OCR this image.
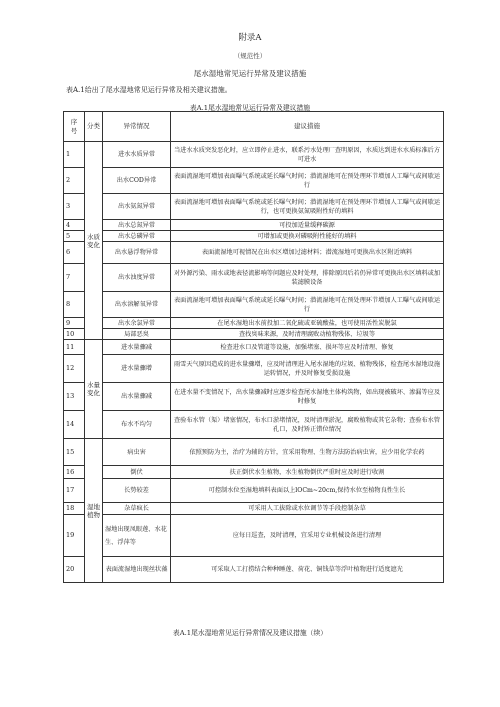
附录A
（规范性）
尾水湿地常见运行异常及建议措施
表A.1给出了尾水湿地常见运行异常及相关建议措施。
表A.1尾水湿地常见运行异常及建议措施
序
号	分类	异常情况	建议措施
1	水质变化	进水水质异常	当进水水质突发恶化时，应立即停止进水，联系污水处理厂查明原因，水质达到进水水质标准后方可进水
2		出水COD异常	表面流湿地可增加表面曝气系统或延长曝气时间；潜流湿地可在预处理环节增加人工曝气或间歇运行
3		出水氨氮异常	表面流湿地可增加表面曝气系统或延长曝气时间；潜流湿地可在预处理环节增加人工曝气或间歇运行，也可更换氨氮吸附性好的填料
4		出水总氮异常	可投加适量缓释碳源
5		出水总磷异常	可增加或更换对磷吸附性能好的填料
6		出水悬浮物异常	表面流湿地可视情况在出水区增加过滤材料；潜流湿地可更换出水区附近填料
7		出水浊度异常	对外源污染、雨水或地表径流影响等问题应及时处理，排除原因后若仍异常可更换出水区填料或加装滤膜设备
8		出水溶解氧异常	表面流湿地可增加表面曝气系统或延长曝气时间；潜流湿地可在预处理环节增加人工曝气或间歇运行
9		出水余氯异常	在尾水湿地出水前投加二氧化硫或亚硫酸盐，也可使用活性炭脱氯
10		局部恶臭	查找臭味来源，及时清理腐败动植物残体、垃圾等
11	水量变化	进水量骤减	检查进水口及管道等设施，加强堵塞、损坏等应及时清理、修复
12		进水量骤增	雨雪天气原因造成的进水量骤增，应及时清理进入尾水湿地的垃圾、植物残体，检查尾水湿地设施运转情况，并及时修复受损设施
13		出水量骤减	在进水量不变情况下，出水量骤减时应逐步检查尾水湿地主体构筑物，如出现被破坏、渗漏等应及时修复
14		布水不均匀	查验布水管（渠）堵塞情况，布水口淤堵情况，及时清理淤泥，腐败植物或其它杂物；查验布水管孔口，及时矫正错位情况
15	湿地植物	病虫害	依照预防为主，治疗为辅的方针，宜采用物理、生物方法防治病虫害，应少用化学农药
16		倒伏	扶正倒伏水生植物，水生植物倒伏严重时应及时进行收割
17		长势较差	可控制水位至湿地填料表面以上lOCm~20cm,保持水位至植物良性生长
18		杂草疯长	可采用人工拔除或水位调节等手段控制杂草
19		湿地出现凤眼莲、水花生、浮萍等	应每日巡查，及时清理，宜采用专业机械设备进行清理
20		表面流湿地出现丝状藻	可采取人工打捞结合种种睡莲、荷花、铜钱草等浮叶植物进行适度遮光
表A.1尾水湿地常见运行异常情况及建议措施（续）
